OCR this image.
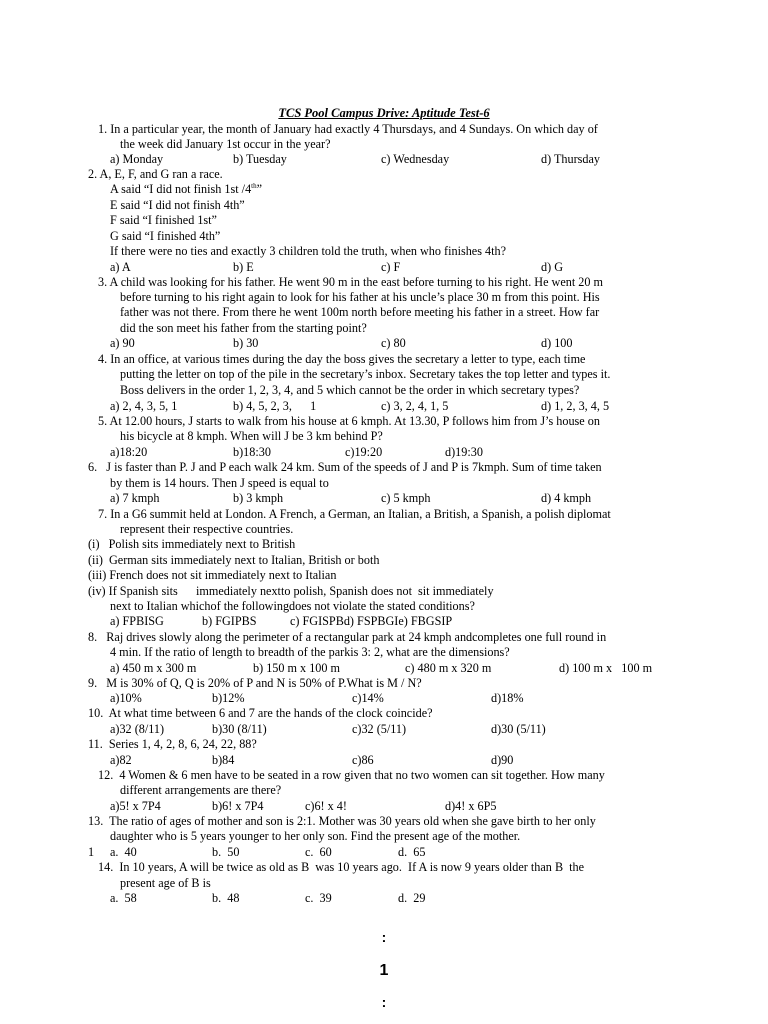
TCS Pool Campus Drive: Aptitude Test-6
1. In a particular year, the month of January had exactly 4 Thursdays, and 4 Sundays. On which day of
the week did January 1st occur in the year?
a) Monday	b) Tuesday	c) Wednesday	d) Thursday
2. A, E, F, and G ran a race.
A said “I did not finish 1st /4th”
E said “I did not finish 4th”
F said “I finished 1st”
G said “I finished 4th”
If there were no ties and exactly 3 children told the truth, when who finishes 4th?
a) A	b) E	c) F	d) G
3. A child was looking for his father. He went 90 m in the east before turning to his right. He went 20 m
before turning to his right again to look for his father at his uncle’s place 30 m from this point. His
father was not there. From there he went 100m north before meeting his father in a street. How far
did the son meet his father from the starting point?
a) 90	b) 30	c) 80	d) 100
4. In an office, at various times during the day the boss gives the secretary a letter to type, each time
putting the letter on top of the pile in the secretary’s inbox. Secretary takes the top letter and types it.
Boss delivers in the order 1, 2, 3, 4, and 5 which cannot be the order in which secretary types?
a) 2, 4, 3, 5, 1	b) 4, 5, 2, 3,      1	c) 3, 2, 4, 1, 5	d) 1, 2, 3, 4, 5
5. At 12.00 hours, J starts to walk from his house at 6 kmph. At 13.30, P follows him from J’s house on
his bicycle at 8 kmph. When will J be 3 km behind P?
a)18:20	b)18:30	c)19:20	d)19:30
6.   J is faster than P. J and P each walk 24 km. Sum of the speeds of J and P is 7kmph. Sum of time taken
by them is 14 hours. Then J speed is equal to
a) 7 kmph	b) 3 kmph	c) 5 kmph	d) 4 kmph
7. In a G6 summit held at London. A French, a German, an Italian, a British, a Spanish, a polish diplomat
represent their respective countries.
(i)   Polish sits immediately next to British
(ii)  German sits immediately next to Italian, British or both
(iii) French does not sit immediately next to Italian
(iv) If Spanish sits      immediately nextto polish, Spanish does not  sit immediately
next to Italian whichof the followingdoes not violate the stated conditions?
a) FPBISG	b) FGIPBS	c) FGISPBd) FSPBGIe) FBGSIP
8.   Raj drives slowly along the perimeter of a rectangular park at 24 kmph andcompletes one full round in
4 min. If the ratio of length to breadth of the parkis 3: 2, what are the dimensions?
a) 450 m x 300 m	b) 150 m x 100 m	c) 480 m x 320 m	d) 100 m x   100 m
9.   M is 30% of Q, Q is 20% of P and N is 50% of P.What is M / N?
a)10%	b)12%	c)14%	d)18%
10.  At what time between 6 and 7 are the hands of the clock coincide?
a)32 (8/11)	b)30 (8/11)	c)32 (5/11)	d)30 (5/11)
11.  Series 1, 4, 2, 8, 6, 24, 22, 88?
a)82	b)84	c)86	d)90
12.  4 Women & 6 men have to be seated in a row given that no two women can sit together. How many
different arrangements are there?
a)5! x 7P4	b)6! x 7P4	c)6! x 4!	d)4! x 6P5
13.  The ratio of ages of mother and son is 2:1. Mother was 30 years old when she gave birth to her only
daughter who is 5 years younger to her only son. Find the present age of the mother.
1 a.  40	b.  50	c.  60	d.  65
14.  In 10 years, A will be twice as old as B  was 10 years ago.  If A is now 9 years older than B  the
present age of B is
a.  58	b.  48	c.  39	d.  29
:
1
:
